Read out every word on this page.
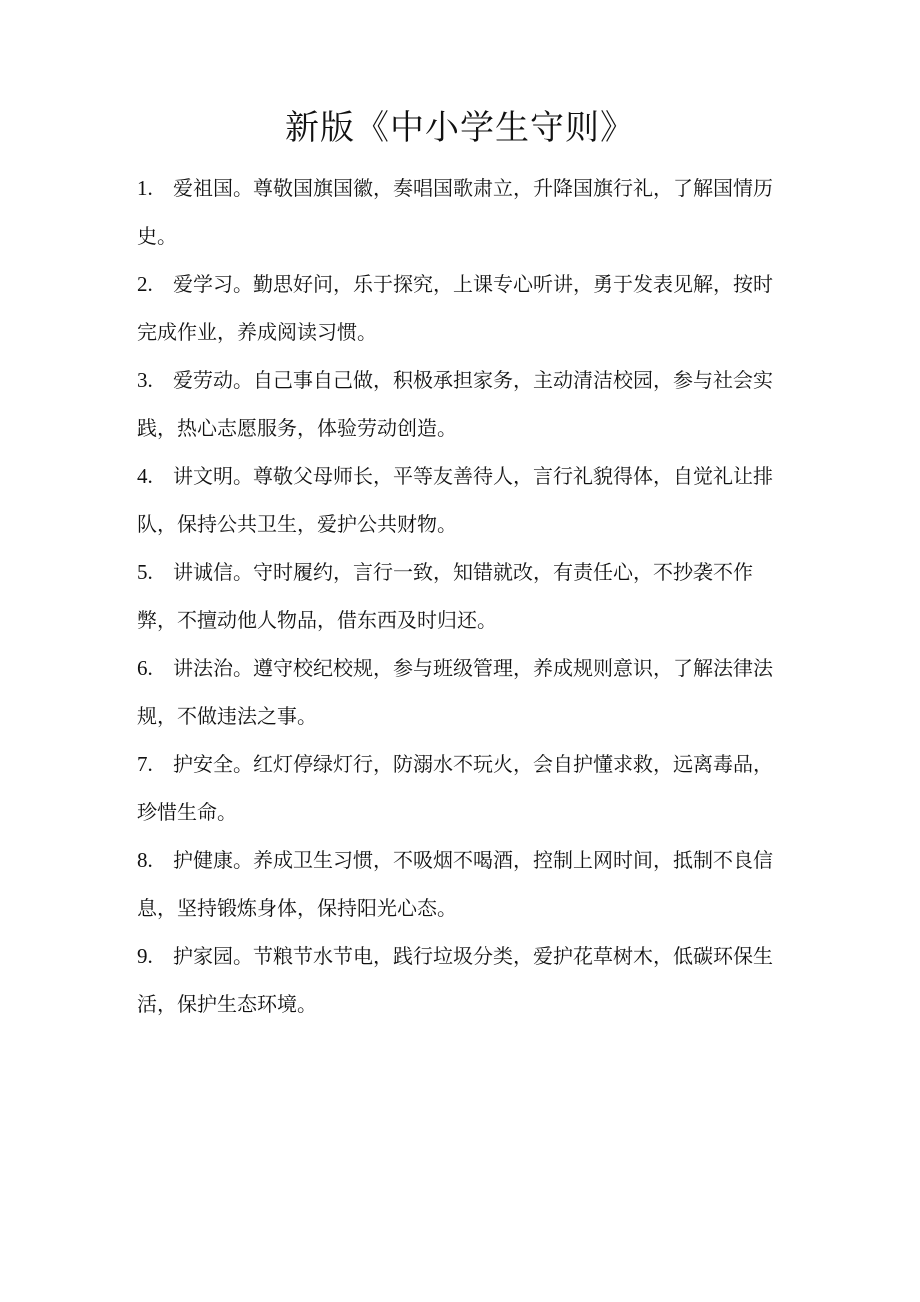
新版《中小学生守则》
1. 爱祖国。尊敬国旗国徽，奏唱国歌肃立，升降国旗行礼，了解国情历史。
2. 爱学习。勤思好问，乐于探究，上课专心听讲，勇于发表见解，按时完成作业，养成阅读习惯。
3. 爱劳动。自己事自己做，积极承担家务，主动清洁校园，参与社会实践，热心志愿服务，体验劳动创造。
4. 讲文明。尊敬父母师长，平等友善待人，言行礼貌得体，自觉礼让排队，保持公共卫生，爱护公共财物。
5. 讲诚信。守时履约，言行一致，知错就改，有责任心，不抄袭不作弊，不擅动他人物品，借东西及时归还。
6. 讲法治。遵守校纪校规，参与班级管理，养成规则意识，了解法律法规，不做违法之事。
7. 护安全。红灯停绿灯行，防溺水不玩火，会自护懂求救，远离毒品，珍惜生命。
8. 护健康。养成卫生习惯，不吸烟不喝酒，控制上网时间，抵制不良信息，坚持锻炼身体，保持阳光心态。
9. 护家园。节粮节水节电，践行垃圾分类，爱护花草树木，低碳环保生活，保护生态环境。
